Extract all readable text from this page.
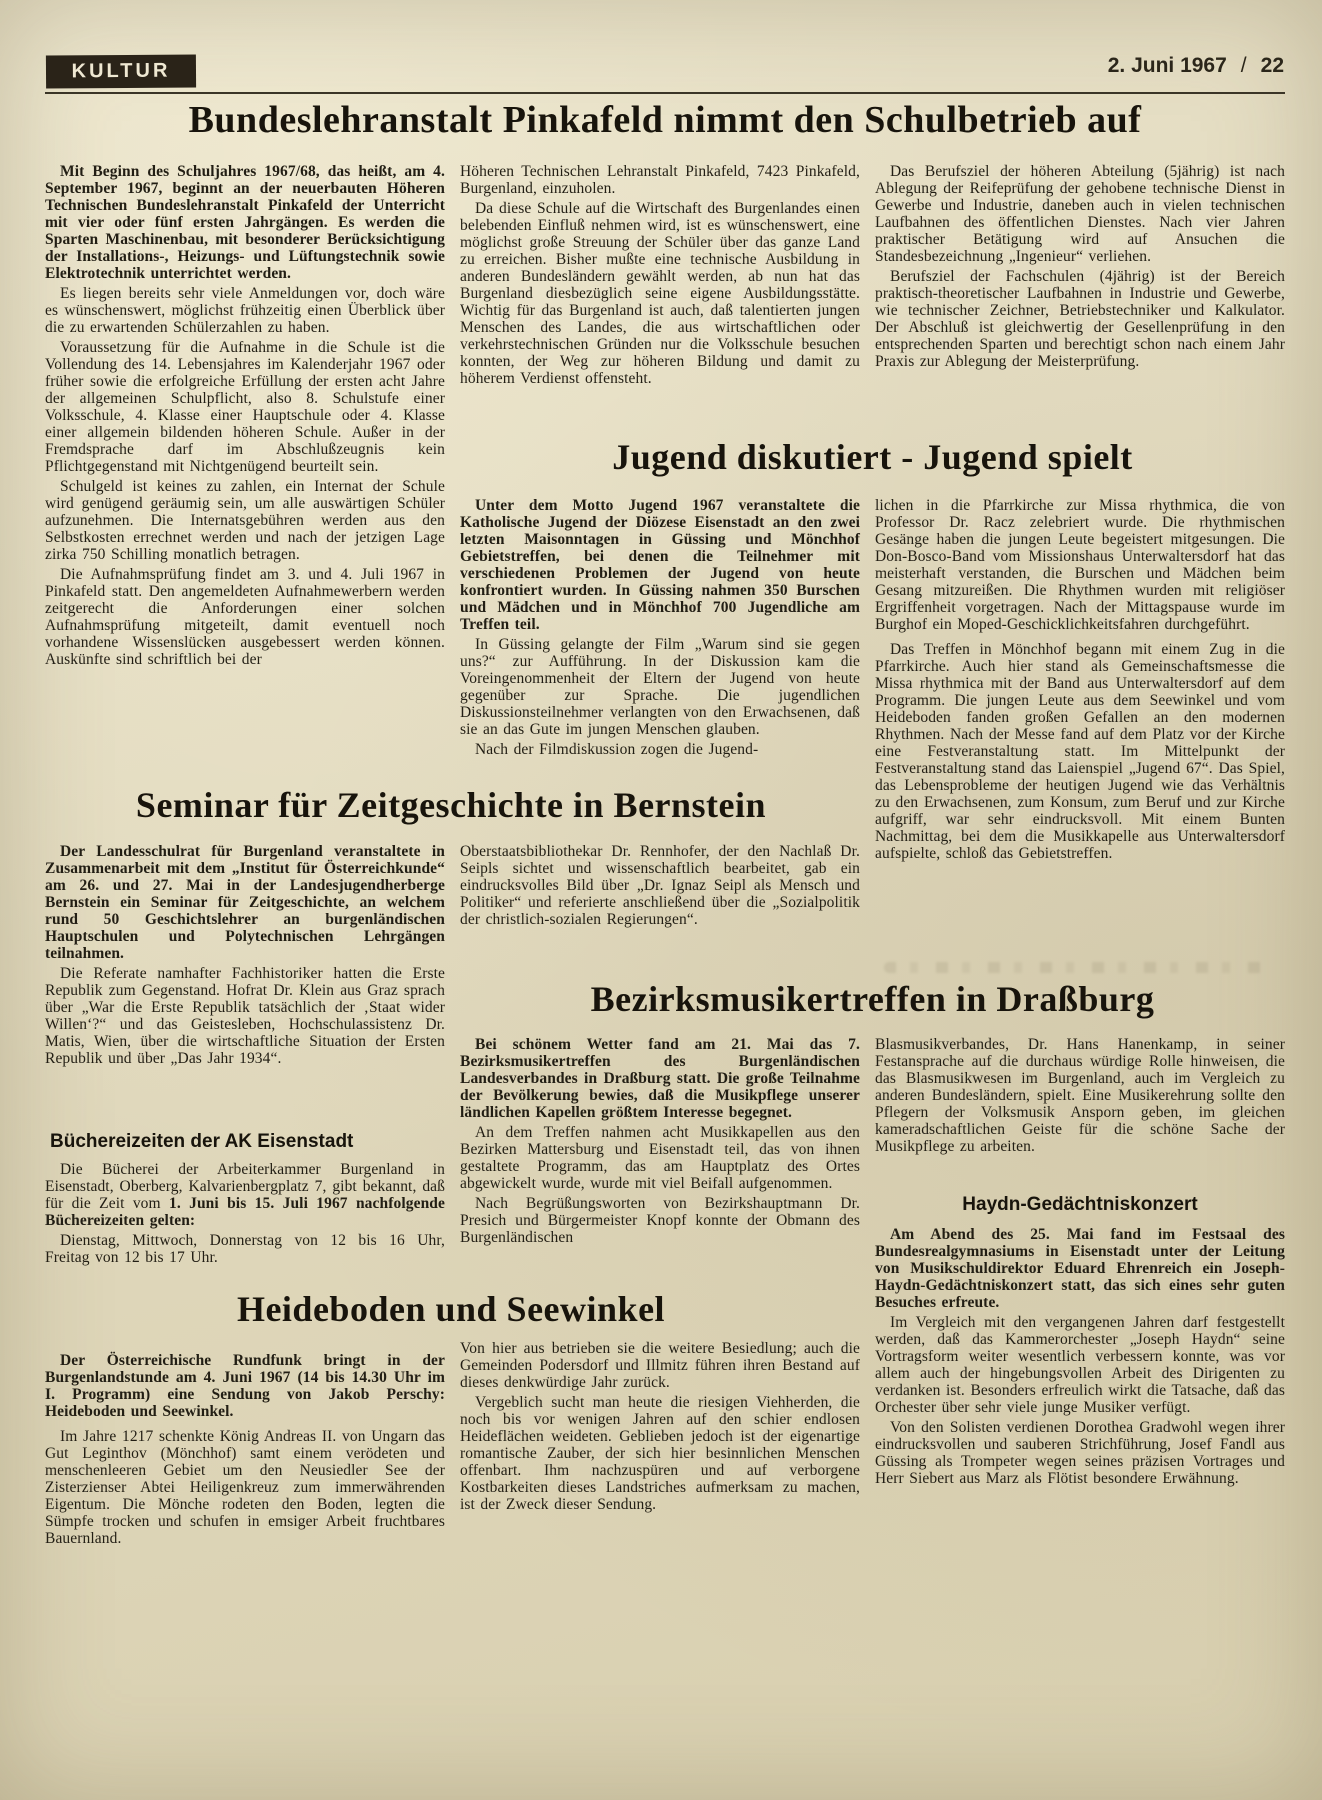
KULTUR	2. Juni 1967 / 22
Bundeslehranstalt Pinkafeld nimmt den Schulbetrieb auf

Mit Beginn des Schuljahres 1967/68, das heißt, am 4. September 1967, beginnt an der neuerbauten Höheren Technischen Bundeslehranstalt Pinkafeld der Unterricht mit vier oder fünf ersten Jahrgängen. Es werden die Sparten Maschinenbau, mit besonderer Berücksichtigung der Installations-, Heizungs- und Lüftungstechnik sowie Elektrotechnik unterrichtet werden.

Es liegen bereits sehr viele Anmeldungen vor, doch wäre es wünschenswert, möglichst frühzeitig einen Überblick über die zu erwartenden Schülerzahlen zu haben.

Voraussetzung für die Aufnahme in die Schule ist die Vollendung des 14. Lebensjahres im Kalenderjahr 1967 oder früher sowie die erfolgreiche Erfüllung der ersten acht Jahre der allgemeinen Schulpflicht, also 8. Schulstufe einer Volksschule, 4. Klasse einer Hauptschule oder 4. Klasse einer allgemein bildenden höheren Schule. Außer in der Fremdsprache darf im Abschlußzeugnis kein Pflichtgegenstand mit Nichtgenügend beurteilt sein.

Schulgeld ist keines zu zahlen, ein Internat der Schule wird genügend geräumig sein, um alle auswärtigen Schüler aufzunehmen. Die Internatsgebühren werden aus den Selbstkosten errechnet werden und nach der jetzigen Lage zirka 750 Schilling monatlich betragen.

Die Aufnahmsprüfung findet am 3. und 4. Juli 1967 in Pinkafeld statt. Den angemeldeten Aufnahmewerbern werden zeitgerecht die Anforderungen einer solchen Aufnahmsprüfung mitgeteilt, damit eventuell noch vorhandene Wissenslücken ausgebessert werden können. Auskünfte sind schriftlich bei der

Höheren Technischen Lehranstalt Pinkafeld, 7423 Pinkafeld, Burgenland, einzuholen.

Da diese Schule auf die Wirtschaft des Burgenlandes einen belebenden Einfluß nehmen wird, ist es wünschenswert, eine möglichst große Streuung der Schüler über das ganze Land zu erreichen. Bisher mußte eine technische Ausbildung in anderen Bundesländern gewählt werden, ab nun hat das Burgenland diesbezüglich seine eigene Ausbildungsstätte. Wichtig für das Burgenland ist auch, daß talentierten jungen Menschen des Landes, die aus wirtschaftlichen oder verkehrstechnischen Gründen nur die Volksschule besuchen konnten, der Weg zur höheren Bildung und damit zu höherem Verdienst offensteht.

Das Berufsziel der höheren Abteilung (5jährig) ist nach Ablegung der Reifeprüfung der gehobene technische Dienst in Gewerbe und Industrie, daneben auch in vielen technischen Laufbahnen des öffentlichen Dienstes. Nach vier Jahren praktischer Betätigung wird auf Ansuchen die Standesbezeichnung „Ingenieur“ verliehen.

Berufsziel der Fachschulen (4jährig) ist der Bereich praktisch-theoretischer Laufbahnen in Industrie und Gewerbe, wie technischer Zeichner, Betriebstechniker und Kalkulator. Der Abschluß ist gleichwertig der Gesellenprüfung in den entsprechenden Sparten und berechtigt schon nach einem Jahr Praxis zur Ablegung der Meisterprüfung.

Jugend diskutiert - Jugend spielt

Unter dem Motto Jugend 1967 veranstaltete die Katholische Jugend der Diözese Eisenstadt an den zwei letzten Maisonntagen in Güssing und Mönchhof Gebietstreffen, bei denen die Teilnehmer mit verschiedenen Problemen der Jugend von heute konfrontiert wurden. In Güssing nahmen 350 Burschen und Mädchen und in Mönchhof 700 Jugendliche am Treffen teil.

In Güssing gelangte der Film „Warum sind sie gegen uns?“ zur Aufführung. In der Diskussion kam die Voreingenommenheit der Eltern der Jugend von heute gegenüber zur Sprache. Die jugendlichen Diskussionsteilnehmer verlangten von den Erwachsenen, daß sie an das Gute im jungen Menschen glauben.

Nach der Filmdiskussion zogen die Jugend-

lichen in die Pfarrkirche zur Missa rhythmica, die von Professor Dr. Racz zelebriert wurde. Die rhythmischen Gesänge haben die jungen Leute begeistert mitgesungen. Die Don-Bosco-Band vom Missionshaus Unterwaltersdorf hat das meisterhaft verstanden, die Burschen und Mädchen beim Gesang mitzureißen. Die Rhythmen wurden mit religiöser Ergriffenheit vorgetragen. Nach der Mittagspause wurde im Burghof ein Moped-Geschicklichkeitsfahren durchgeführt.

Das Treffen in Mönchhof begann mit einem Zug in die Pfarrkirche. Auch hier stand als Gemeinschaftsmesse die Missa rhythmica mit der Band aus Unterwaltersdorf auf dem Programm. Die jungen Leute aus dem Seewinkel und vom Heideboden fanden großen Gefallen an den modernen Rhythmen. Nach der Messe fand auf dem Platz vor der Kirche eine Festveranstaltung statt. Im Mittelpunkt der Festveranstaltung stand das Laienspiel „Jugend 67“. Das Spiel, das Lebensprobleme der heutigen Jugend wie das Verhältnis zu den Erwachsenen, zum Konsum, zum Beruf und zur Kirche aufgriff, war sehr eindrucksvoll. Mit einem Bunten Nachmittag, bei dem die Musikkapelle aus Unterwaltersdorf aufspielte, schloß das Gebietstreffen.

Seminar für Zeitgeschichte in Bernstein

Der Landesschulrat für Burgenland veranstaltete in Zusammenarbeit mit dem „Institut für Österreichkunde“ am 26. und 27. Mai in der Landesjugendherberge Bernstein ein Seminar für Zeitgeschichte, an welchem rund 50 Geschichtslehrer an burgenländischen Hauptschulen und Polytechnischen Lehrgängen teilnahmen.

Die Referate namhafter Fachhistoriker hatten die Erste Republik zum Gegenstand. Hofrat Dr. Klein aus Graz sprach über „War die Erste Republik tatsächlich der ‚Staat wider Willen‘?“ und das Geistesleben, Hochschulassistenz Dr. Matis, Wien, über die wirtschaftliche Situation der Ersten Republik und über „Das Jahr 1934“.

Oberstaatsbibliothekar Dr. Rennhofer, der den Nachlaß Dr. Seipls sichtet und wissenschaftlich bearbeitet, gab ein eindrucksvolles Bild über „Dr. Ignaz Seipl als Mensch und Politiker“ und referierte anschließend über die „Sozialpolitik der christlich-sozialen Regierungen“.

Bezirksmusikertreffen in Draßburg

Bei schönem Wetter fand am 21. Mai das 7. Bezirksmusikertreffen des Burgenländischen Landesverbandes in Draßburg statt. Die große Teilnahme der Bevölkerung bewies, daß die Musikpflege unserer ländlichen Kapellen größtem Interesse begegnet.

An dem Treffen nahmen acht Musikkapellen aus den Bezirken Mattersburg und Eisenstadt teil, das von ihnen gestaltete Programm, das am Hauptplatz des Ortes abgewickelt wurde, wurde mit viel Beifall aufgenommen.

Nach Begrüßungsworten von Bezirkshauptmann Dr. Presich und Bürgermeister Knopf konnte der Obmann des Burgenländischen

Blasmusikverbandes, Dr. Hans Hanenkamp, in seiner Festansprache auf die durchaus würdige Rolle hinweisen, die das Blasmusikwesen im Burgenland, auch im Vergleich zu anderen Bundesländern, spielt. Eine Musikerehrung sollte den Pflegern der Volksmusik Ansporn geben, im gleichen kameradschaftlichen Geiste für die schöne Sache der Musikpflege zu arbeiten.

Büchereizeiten der AK Eisenstadt

Die Bücherei der Arbeiterkammer Burgenland in Eisenstadt, Oberberg, Kalvarienbergplatz 7, gibt bekannt, daß für die Zeit vom 1. Juni bis 15. Juli 1967 nachfolgende Büchereizeiten gelten:

Dienstag, Mittwoch, Donnerstag von 12 bis 16 Uhr, Freitag von 12 bis 17 Uhr.

Haydn-Gedächtniskonzert

Am Abend des 25. Mai fand im Festsaal des Bundesrealgymnasiums in Eisenstadt unter der Leitung von Musikschuldirektor Eduard Ehrenreich ein Joseph-Haydn-Gedächtniskonzert statt, das sich eines sehr guten Besuches erfreute.

Im Vergleich mit den vergangenen Jahren darf festgestellt werden, daß das Kammerorchester „Joseph Haydn“ seine Vortragsform weiter wesentlich verbessern konnte, was vor allem auch der hingebungsvollen Arbeit des Dirigenten zu verdanken ist. Besonders erfreulich wirkt die Tatsache, daß das Orchester über sehr viele junge Musiker verfügt.

Von den Solisten verdienen Dorothea Gradwohl wegen ihrer eindrucksvollen und sauberen Strichführung, Josef Fandl aus Güssing als Trompeter wegen seines präzisen Vortrages und Herr Siebert aus Marz als Flötist besondere Erwähnung.

Heideboden und Seewinkel

Der Österreichische Rundfunk bringt in der Burgenlandstunde am 4. Juni 1967 (14 bis 14.30 Uhr im I. Programm) eine Sendung von Jakob Perschy: Heideboden und Seewinkel.

Im Jahre 1217 schenkte König Andreas II. von Ungarn das Gut Leginthov (Mönchhof) samt einem verödeten und menschenleeren Gebiet um den Neusiedler See der Zisterzienser Abtei Heiligenkreuz zum immerwährenden Eigentum. Die Mönche rodeten den Boden, legten die Sümpfe trocken und schufen in emsiger Arbeit fruchtbares Bauernland.

Von hier aus betrieben sie die weitere Besiedlung; auch die Gemeinden Podersdorf und Illmitz führen ihren Bestand auf dieses denkwürdige Jahr zurück.

Vergeblich sucht man heute die riesigen Viehherden, die noch bis vor wenigen Jahren auf den schier endlosen Heideflächen weideten. Geblieben jedoch ist der eigenartige romantische Zauber, der sich hier besinnlichen Menschen offenbart. Ihm nachzuspüren und auf verborgene Kostbarkeiten dieses Landstriches aufmerksam zu machen, ist der Zweck dieser Sendung.
